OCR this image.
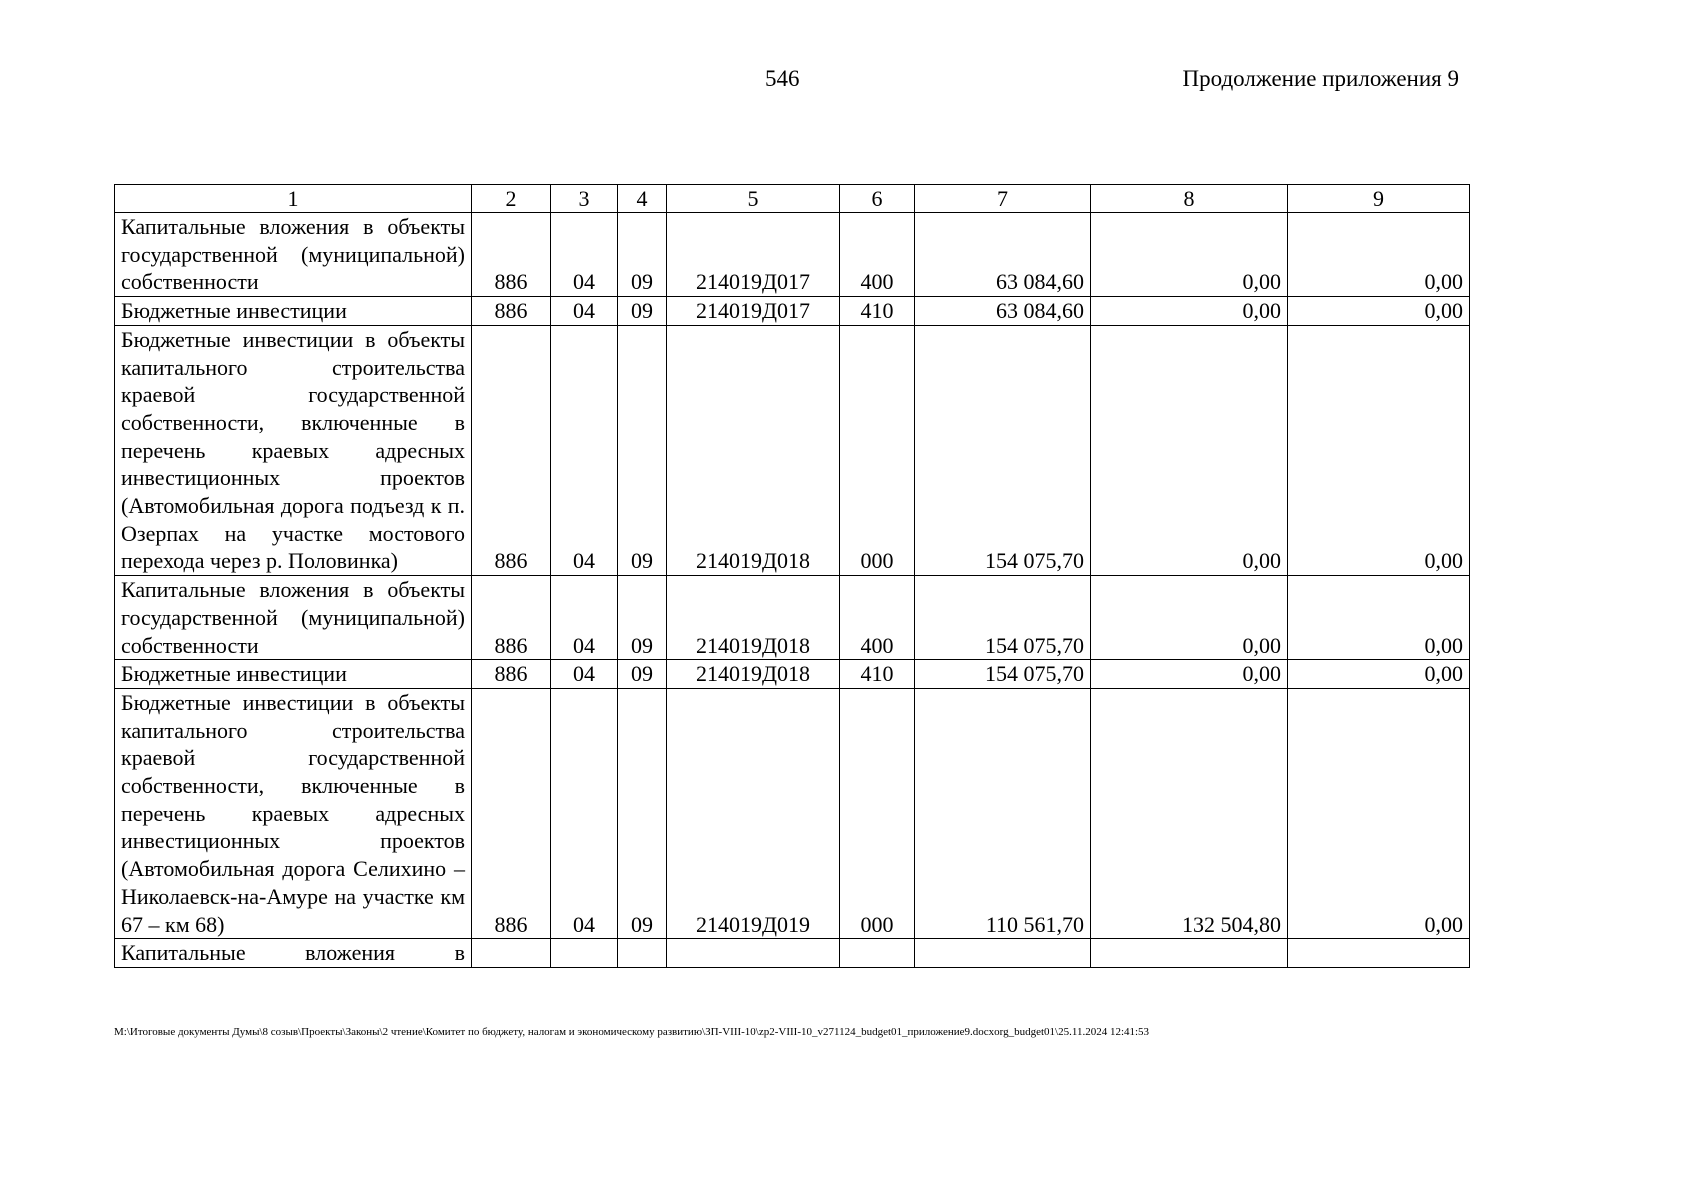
546	Продолжение приложения 9
1	2	3	4	5	6	7	8	9
Капитальные вложения в объекты государственной (муниципальной) собственности	886	04	09	214019Д017	400	63 084,60	0,00	0,00
Бюджетные инвестиции	886	04	09	214019Д017	410	63 084,60	0,00	0,00
Бюджетные инвестиции в объекты капитального строительства краевой государственной собственности, включенные в перечень краевых адресных инвестиционных проектов (Автомобильная дорога подъезд к п. Озерпах на участке мостового перехода через р. Половинка)	886	04	09	214019Д018	000	154 075,70	0,00	0,00
Капитальные вложения в объекты государственной (муниципальной) собственности	886	04	09	214019Д018	400	154 075,70	0,00	0,00
Бюджетные инвестиции	886	04	09	214019Д018	410	154 075,70	0,00	0,00
Бюджетные инвестиции в объекты капитального строительства краевой государственной собственности, включенные в перечень краевых адресных инвестиционных проектов (Автомобильная дорога Селихино – Николаевск-на-Амуре на участке км 67 – км 68)	886	04	09	214019Д019	000	110 561,70	132 504,80	0,00
Капитальные вложения в								
M:\Итоговые документы Думы\8 созыв\Проекты\Законы\2 чтение\Комитет по бюджету, налогам и экономическому развитию\ЗП-VIII-10\zp2-VIII-10_v271124_budget01_приложение9.docxorg_budget01\25.11.2024 12:41:53
